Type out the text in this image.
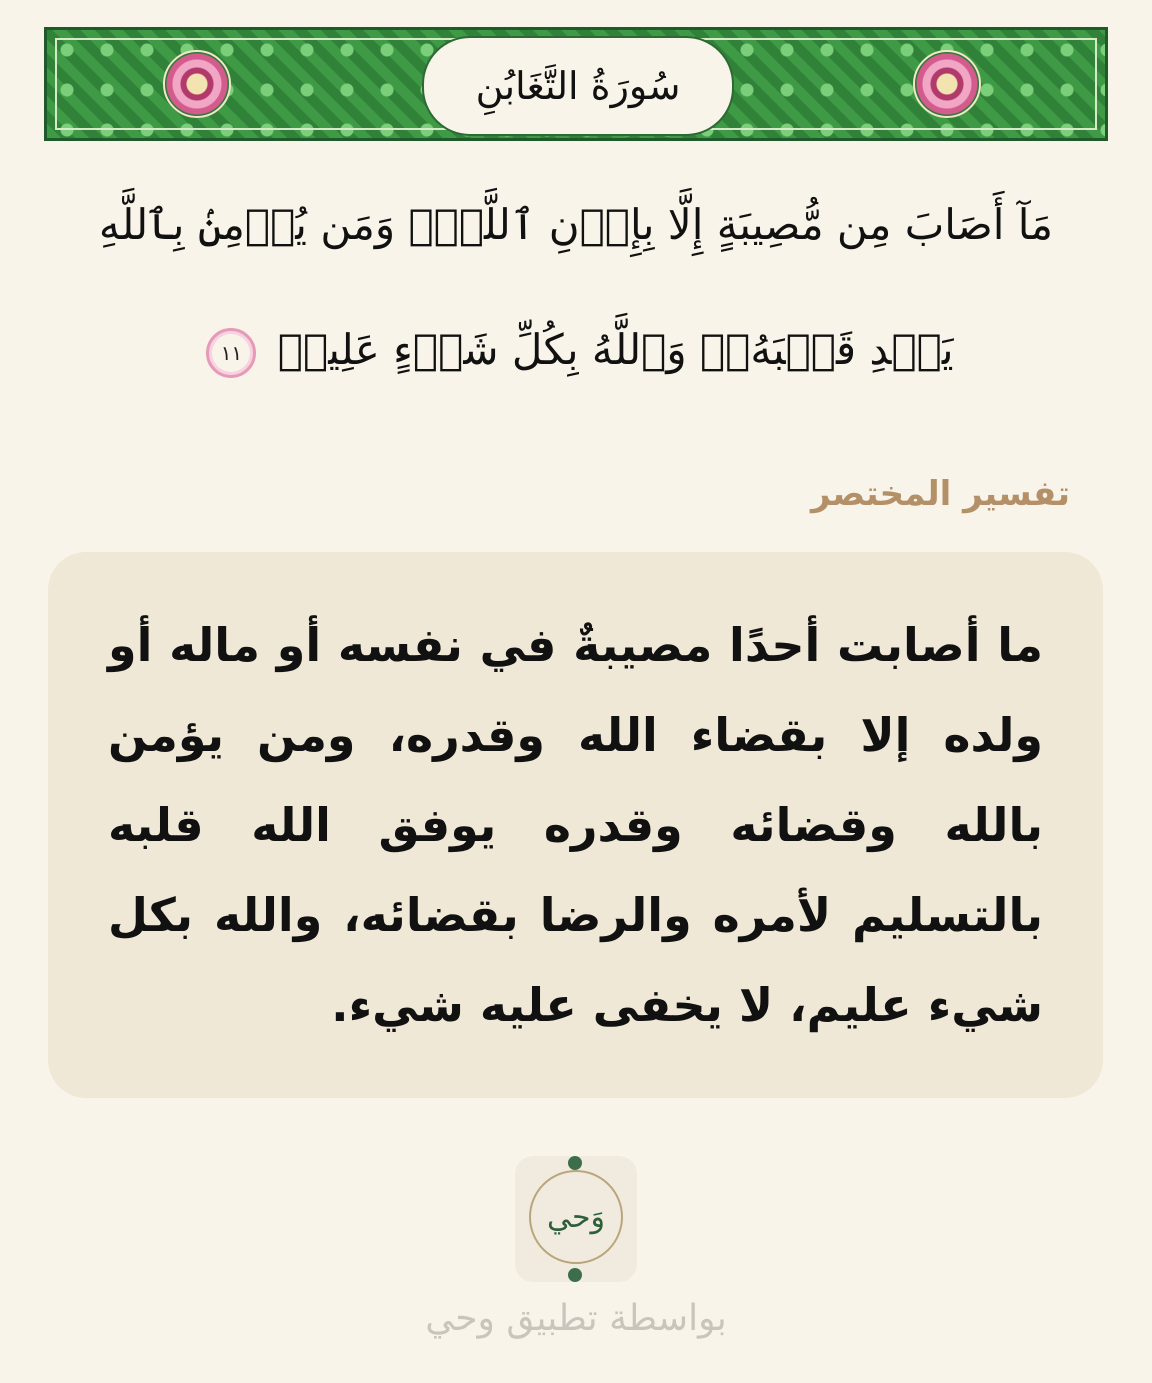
سُورَةُ التَّغَابُنِ
مَآ أَصَابَ مِن مُّصِيبَةٍ إِلَّا بِإِذۡنِ ٱللَّهِۗ وَمَن يُؤۡمِنۢ بِٱللَّهِ
يَهۡدِ قَلۡبَهُۥۚ وَٱللَّهُ بِكُلِّ شَيۡءٍ عَلِيمٞ ١١
تفسير المختصر
ما أصابت أحدًا مصيبةٌ في نفسه أو ماله أو ولده إلا بقضاء الله وقدره، ومن يؤمن بالله وقضائه وقدره يوفق الله قلبه بالتسليم لأمره والرضا بقضائه، والله بكل شيء عليم، لا يخفى عليه شيء.
وَحي
بواسطة تطبيق وحي
